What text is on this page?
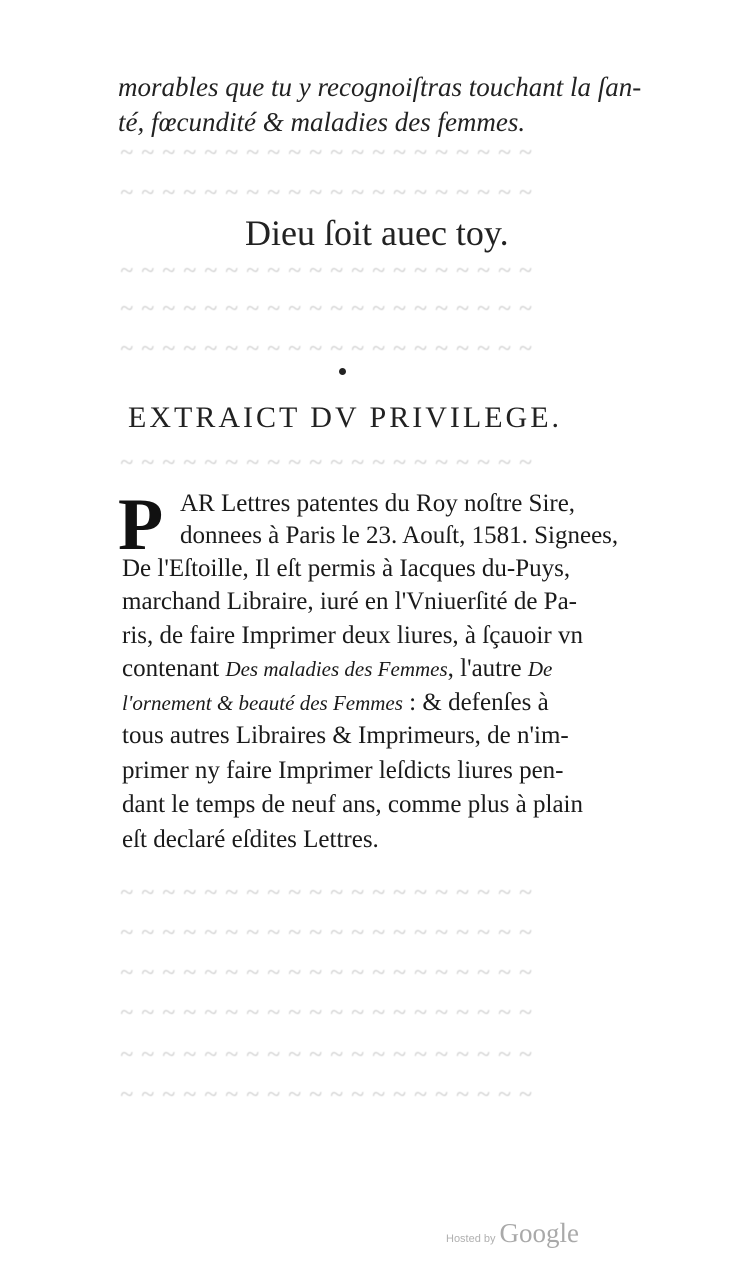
~ ~ ~ ~ ~ ~ ~ ~ ~ ~ ~ ~ ~ ~ ~ ~ ~ ~ ~ ~
~ ~ ~ ~ ~ ~ ~ ~ ~ ~ ~ ~ ~ ~ ~ ~ ~ ~ ~ ~
~ ~ ~ ~ ~ ~ ~ ~ ~ ~ ~ ~ ~ ~ ~ ~ ~ ~ ~ ~
~ ~ ~ ~ ~ ~ ~ ~ ~ ~ ~ ~ ~ ~ ~ ~ ~ ~ ~ ~
~ ~ ~ ~ ~ ~ ~ ~ ~ ~ ~ ~ ~ ~ ~ ~ ~ ~ ~ ~
~ ~ ~ ~ ~ ~ ~ ~ ~ ~ ~ ~ ~ ~ ~ ~ ~ ~ ~ ~
~ ~ ~ ~ ~ ~ ~ ~ ~ ~ ~ ~ ~ ~ ~ ~ ~ ~ ~ ~
~ ~ ~ ~ ~ ~ ~ ~ ~ ~ ~ ~ ~ ~ ~ ~ ~ ~ ~ ~
~ ~ ~ ~ ~ ~ ~ ~ ~ ~ ~ ~ ~ ~ ~ ~ ~ ~ ~ ~
~ ~ ~ ~ ~ ~ ~ ~ ~ ~ ~ ~ ~ ~ ~ ~ ~ ~ ~ ~
~ ~ ~ ~ ~ ~ ~ ~ ~ ~ ~ ~ ~ ~ ~ ~ ~ ~ ~ ~
~ ~ ~ ~ ~ ~ ~ ~ ~ ~ ~ ~ ~ ~ ~ ~ ~ ~ ~ ~
morables que tu y recognoiſtras touchant la ſan-
té, fœcundité & maladies des femmes.
Dieu ſoit auec toy.
EXTRAICT DV PRIVILEGE.
P AR Lettres patentes du Roy noſtre Sire,
donnees à Paris le 23. Aouſt, 1581. Signees,
De l'Eſtoille, Il eſt permis à Iacques du-Puys,
marchand Libraire, iuré en l'Vniuerſité de Pa-
ris, de faire Imprimer deux liures, à ſçauoir vn
contenant Des maladies des Femmes, l'autre De
l'ornement & beauté des Femmes : & defenſes à
tous autres Libraires & Imprimeurs, de n'im-
primer ny faire Imprimer leſdicts liures pen-
dant le temps de neuf ans, comme plus à plain
eſt declaré eſdites Lettres.
Hosted by Google
